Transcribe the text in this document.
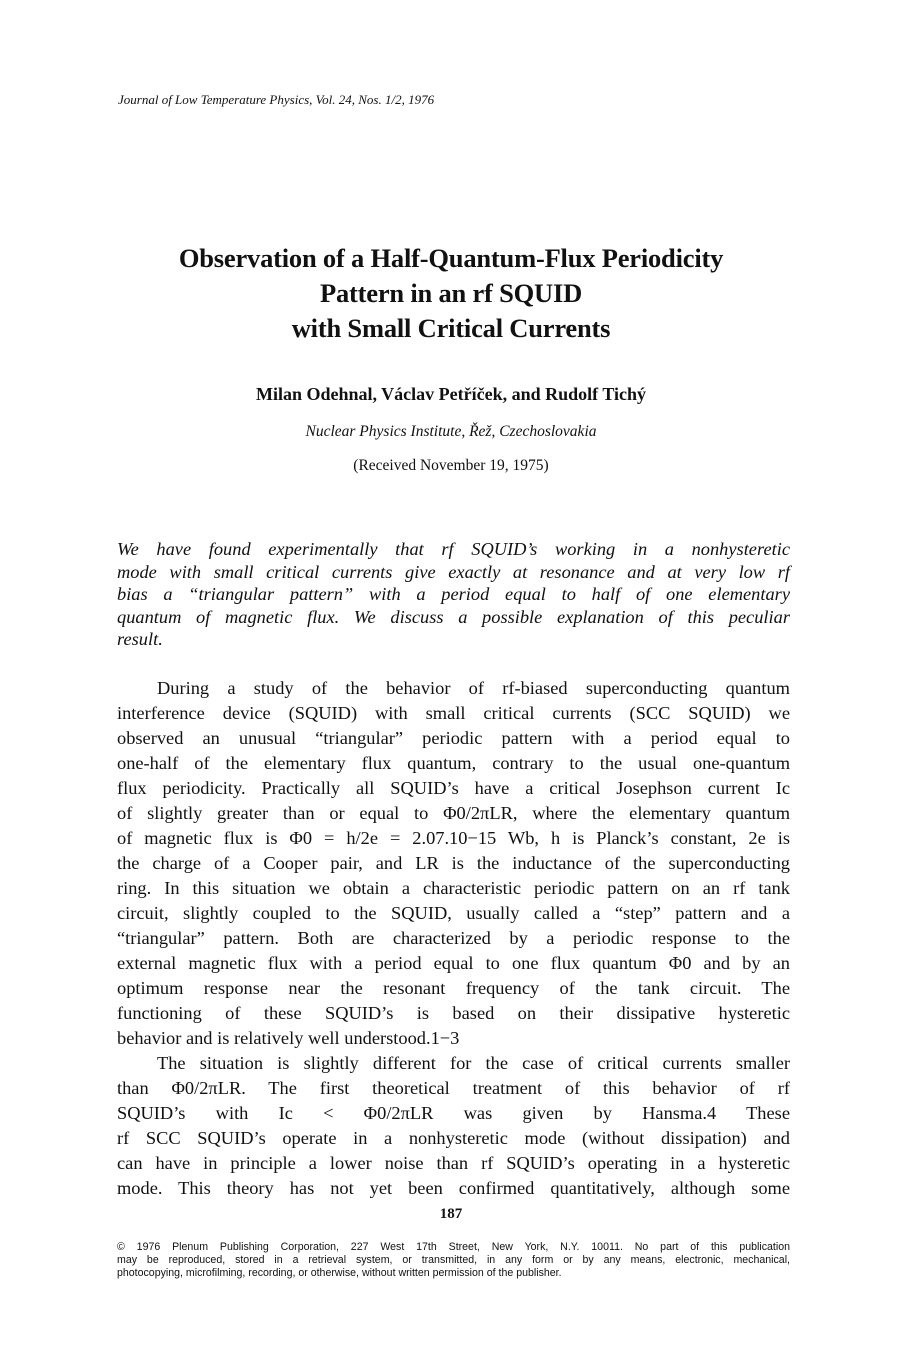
Journal of Low Temperature Physics, Vol. 24, Nos. 1/2, 1976
Observation of a Half-Quantum-Flux Periodicity
Pattern in an rf SQUID
with Small Critical Currents
Milan Odehnal, Václav Petříček, and Rudolf Tichý
Nuclear Physics Institute, Řež, Czechoslovakia
(Received November 19, 1975)
We have found experimentally that rf SQUID’s working in a nonhysteretic
mode with small critical currents give exactly at resonance and at very low rf
bias a “triangular pattern” with a period equal to half of one elementary
quantum of magnetic flux. We discuss a possible explanation of this peculiar
result.
During a study of the behavior of rf-biased superconducting quantum
interference device (SQUID) with small critical currents (SCC SQUID) we
observed an unusual “triangular” periodic pattern with a period equal to
one-half of the elementary flux quantum, contrary to the usual one-quantum
flux periodicity. Practically all SQUID’s have a critical Josephson current Ic
of slightly greater than or equal to Φ0/2πLR, where the elementary quantum
of magnetic flux is Φ0 = h/2e = 2.07.10−15 Wb, h is Planck’s constant, 2e is
the charge of a Cooper pair, and LR is the inductance of the superconducting
ring. In this situation we obtain a characteristic periodic pattern on an rf tank
circuit, slightly coupled to the SQUID, usually called a “step” pattern and a
“triangular” pattern. Both are characterized by a periodic response to the
external magnetic flux with a period equal to one flux quantum Φ0 and by an
optimum response near the resonant frequency of the tank circuit. The
functioning of these SQUID’s is based on their dissipative hysteretic
behavior and is relatively well understood.1−3
The situation is slightly different for the case of critical currents smaller
than Φ0/2πLR. The first theoretical treatment of this behavior of rf
SQUID’s with Ic < Φ0/2πLR was given by Hansma.4 These
rf SCC SQUID’s operate in a nonhysteretic mode (without dissipation) and
can have in principle a lower noise than rf SQUID’s operating in a hysteretic
mode. This theory has not yet been confirmed quantitatively, although some
187
© 1976 Plenum Publishing Corporation, 227 West 17th Street, New York, N.Y. 10011. No part of this publication
may be reproduced, stored in a retrieval system, or transmitted, in any form or by any means, electronic, mechanical,
photocopying, microfilming, recording, or otherwise, without written permission of the publisher.
